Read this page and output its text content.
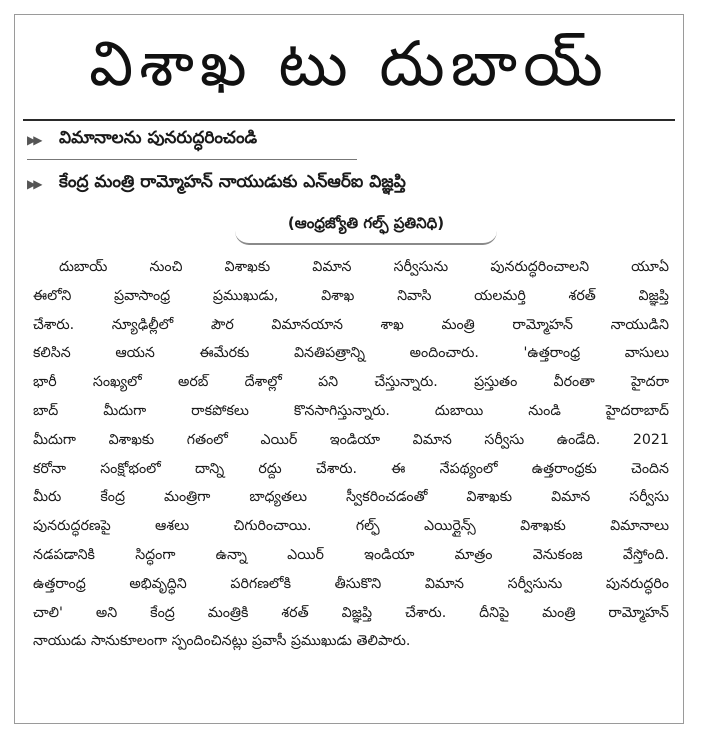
విశాఖ టు దుబాయ్
▶▶	విమానాలను పునరుద్ధరించండి
▶▶	కేంద్ర మంత్రి రామ్మోహన్ నాయుడుకు ఎన్ఆర్ఐ విజ్ఞప్తి
(ఆంధ్రజ్యోతి గల్ఫ్ ప్రతినిధి)
దుబాయ్ నుంచి విశాఖకు విమాన సర్వీసును పునరుద్ధరించాలని యూఏ
ఈలోని ప్రవాసాంధ్ర ప్రముఖుడు, విశాఖ నివాసి యలమర్తి శరత్ విజ్ఞప్తి
చేశారు. న్యూఢిల్లీలో పౌర విమానయాన శాఖ మంత్రి రామ్మోహన్ నాయుడిని
కలిసిన ఆయన ఈమేరకు వినతిపత్రాన్ని అందించారు. 'ఉత్తరాంధ్ర వాసులు
భారీ సంఖ్యలో అరబ్ దేశాల్లో పని చేస్తున్నారు. ప్రస్తుతం వీరంతా హైదరా
బాద్ మీదుగా రాకపోకలు కొనసాగిస్తున్నారు. దుబాయి నుండి హైదరాబాద్
మీదుగా విశాఖకు గతంలో ఎయిర్ ఇండియా విమాన సర్వీసు ఉండేది. 2021
కరోనా సంక్షోభంలో దాన్ని రద్దు చేశారు. ఈ నేపథ్యంలో ఉత్తరాంధ్రకు చెందిన
మీరు కేంద్ర మంత్రిగా బాధ్యతలు స్వీకరించడంతో విశాఖకు విమాన సర్వీసు
పునరుద్ధరణపై ఆశలు చిగురించాయి. గల్ఫ్ ఎయిర్లైన్స్ విశాఖకు విమానాలు
నడపడానికి సిద్ధంగా ఉన్నా ఎయిర్ ఇండియా మాత్రం వెనుకంజ వేస్తోంది.
ఉత్తరాంధ్ర అభివృద్ధిని పరిగణలోకి తీసుకొని విమాన సర్వీసును పునరుద్ధరిం
చాలి' అని కేంద్ర మంత్రికి శరత్ విజ్ఞప్తి చేశారు. దీనిపై మంత్రి రామ్మోహన్
నాయుడు సానుకూలంగా స్పందించినట్లు ప్రవాసీ ప్రముఖుడు తెలిపారు.
